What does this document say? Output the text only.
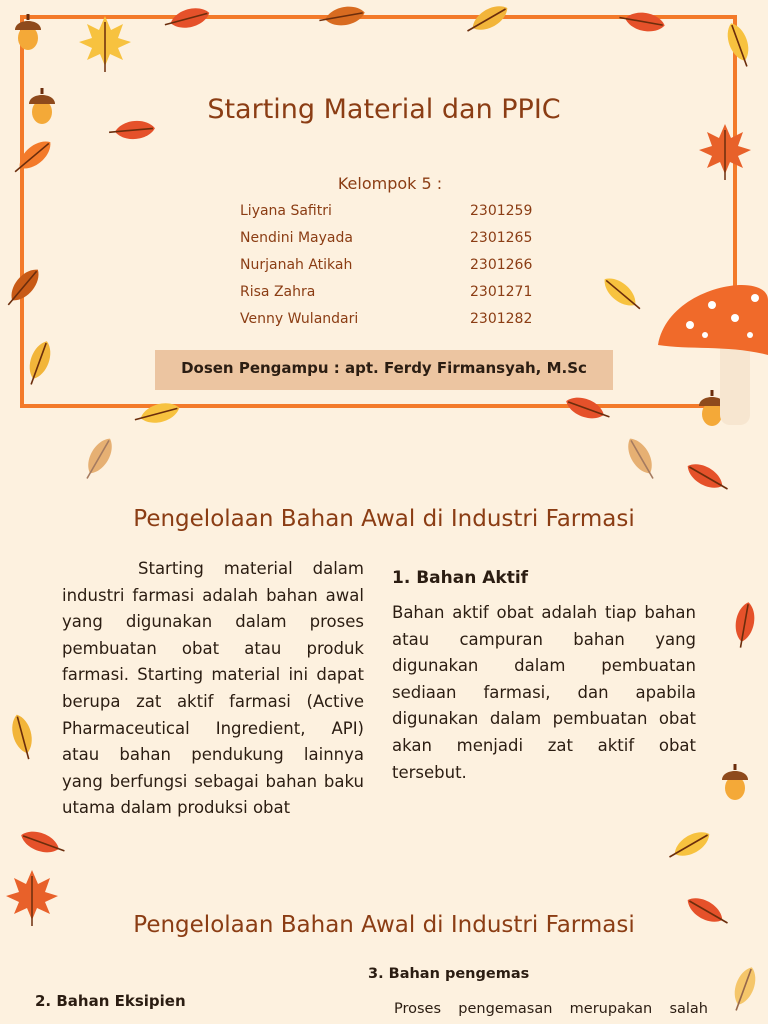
Starting Material dan PPIC
Kelompok 5 :
Liyana Safitri	2301259
Nendini Mayada	2301265
Nurjanah Atikah	2301266
Risa Zahra	2301271
Venny Wulandari	2301282
Dosen Pengampu : apt. Ferdy Firmansyah, M.Sc
Pengelolaan Bahan Awal di Industri Farmasi
Starting material dalam industri farmasi adalah bahan awal yang digunakan dalam proses pembuatan obat atau produk farmasi. Starting material ini dapat berupa zat aktif farmasi (Active Pharmaceutical Ingredient, API) atau bahan pendukung lainnya yang berfungsi sebagai bahan baku utama dalam produksi obat
1. Bahan Aktif
Bahan aktif obat adalah tiap bahan atau campuran bahan yang digunakan dalam pembuatan sediaan farmasi, dan apabila digunakan dalam pembuatan obat akan menjadi zat aktif obat tersebut.
Pengelolaan Bahan Awal di Industri Farmasi
3. Bahan pengemas
2. Bahan Eksipien	Proses pengemasan merupakan salah
